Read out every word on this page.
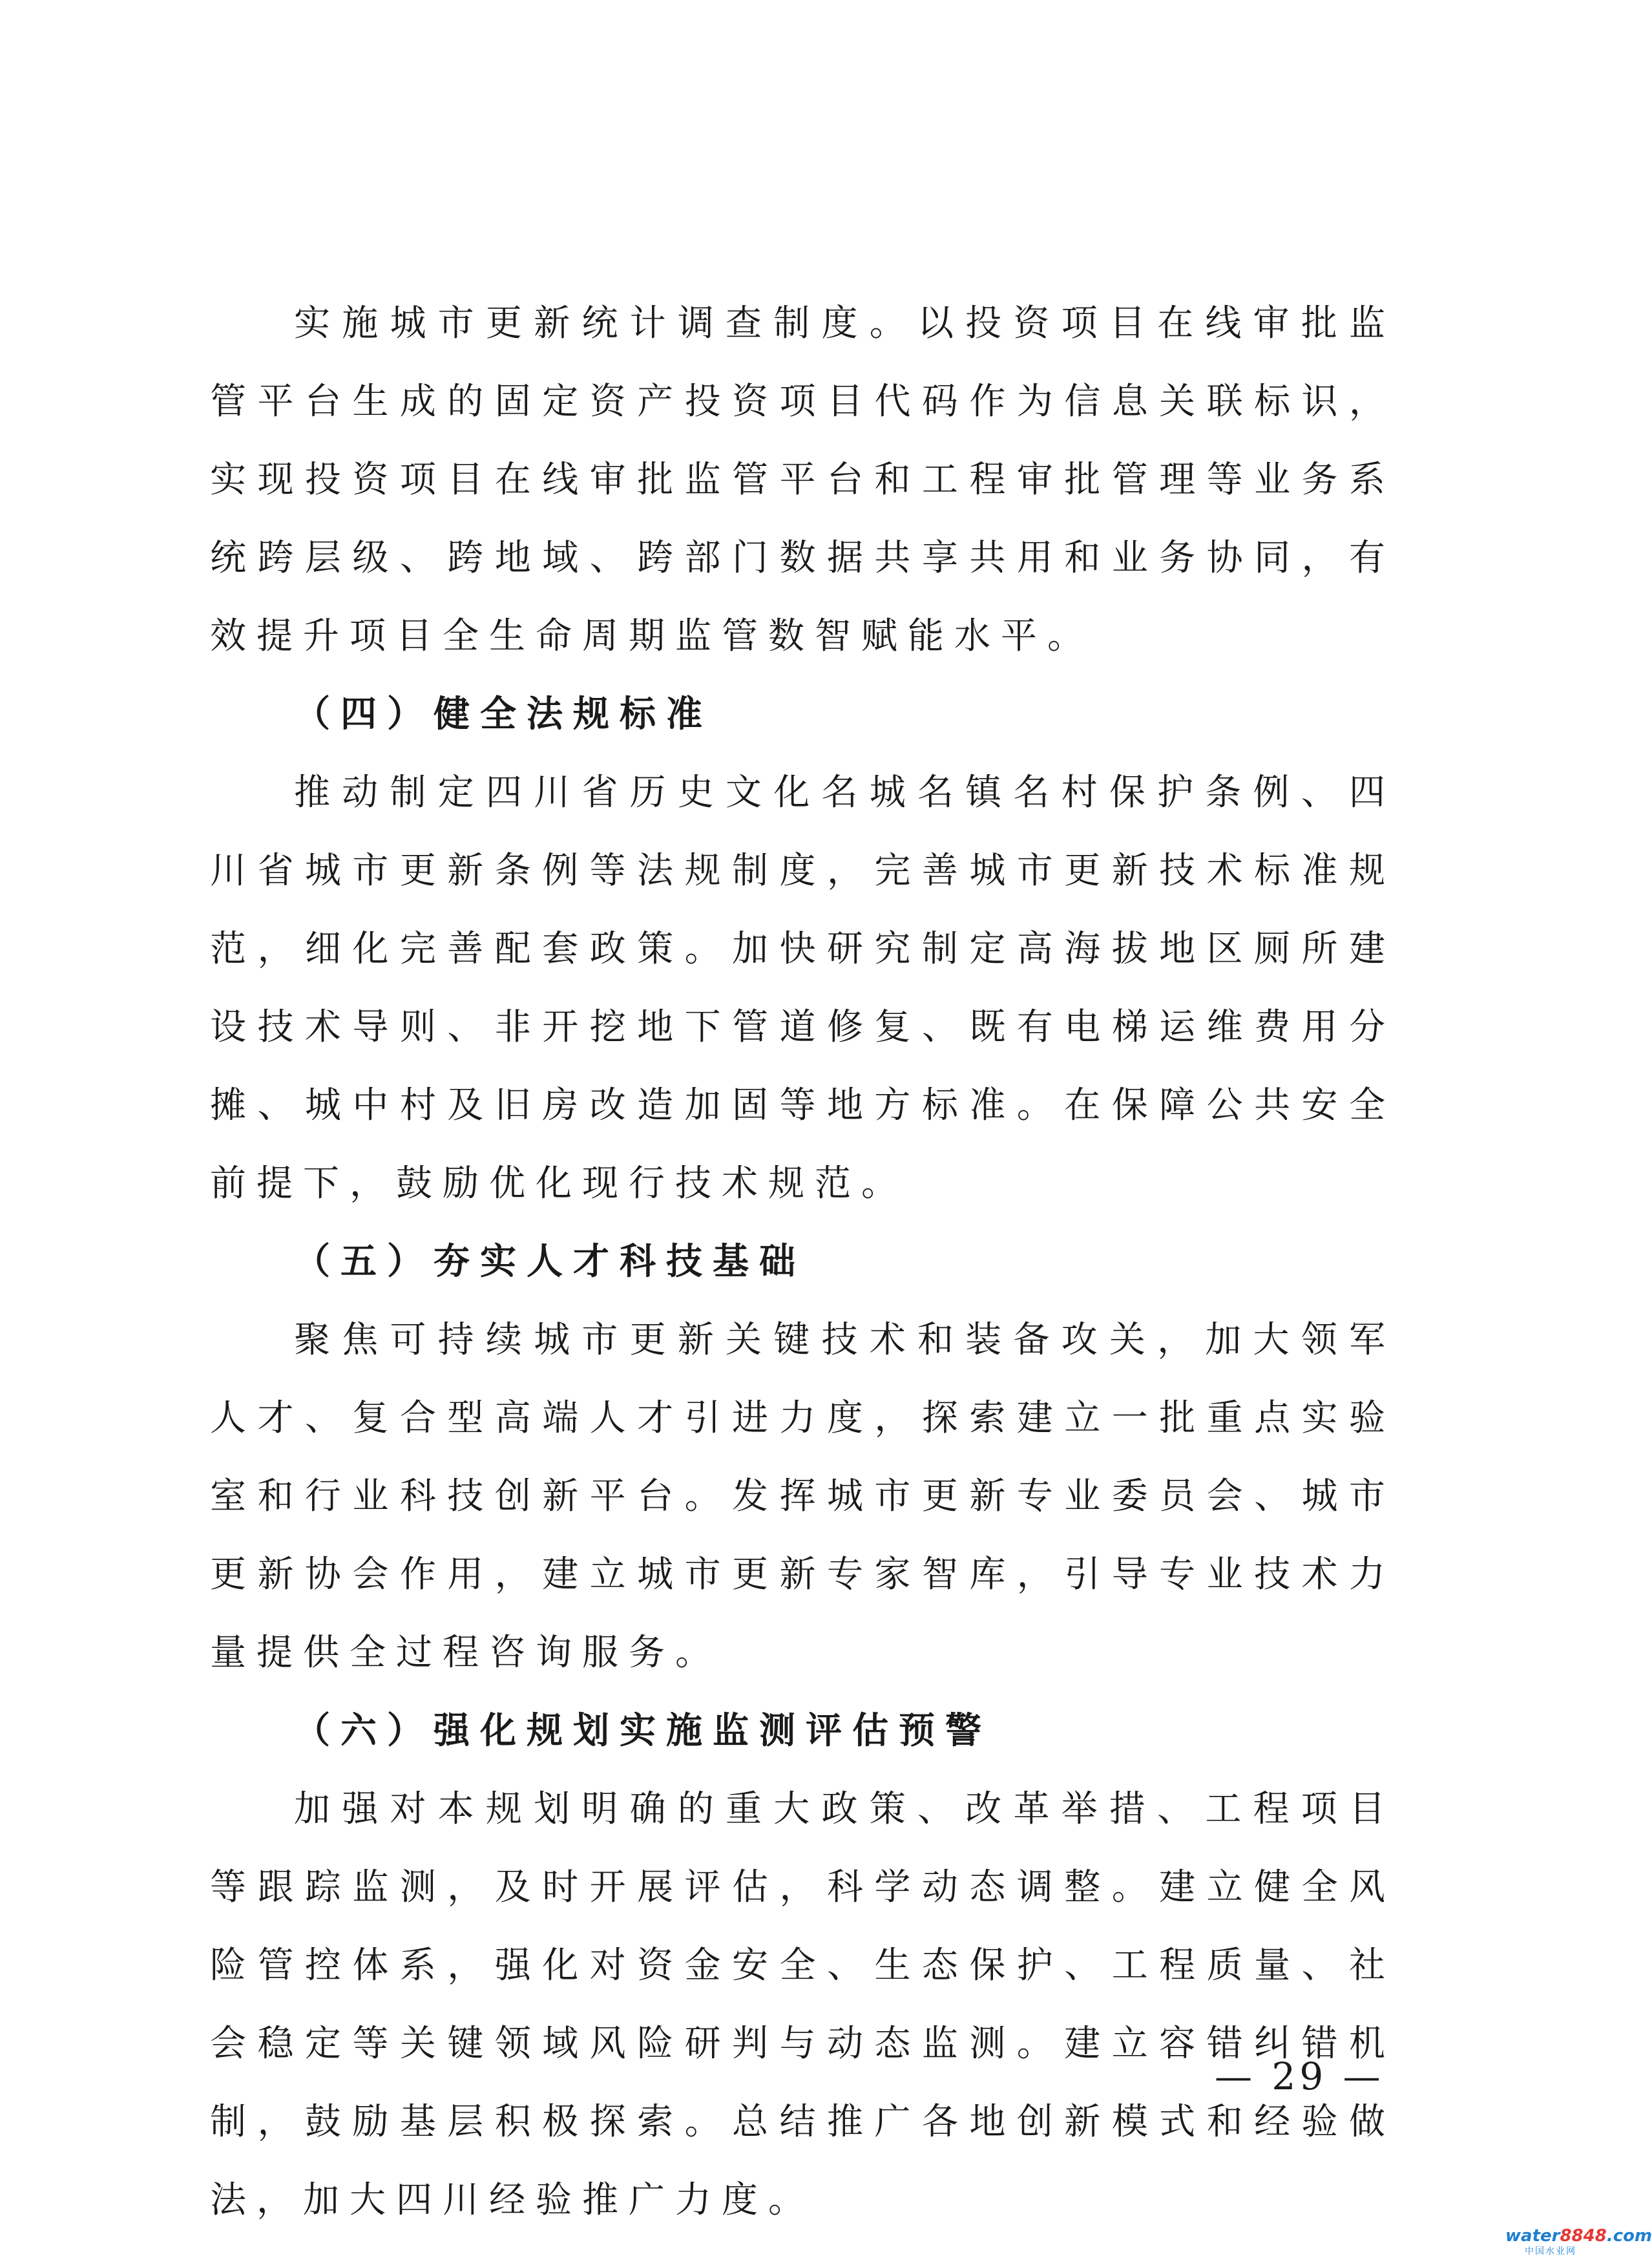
实施城市更新统计调查制度。以投资项目在线审批监管平台生成的固定资产投资项目代码作为信息关联标识，实现投资项目在线审批监管平台和工程审批管理等业务系统跨层级、跨地域、跨部门数据共享共用和业务协同，有效提升项目全生命周期监管数智赋能水平。

（四）健全法规标准

推动制定四川省历史文化名城名镇名村保护条例、四川省城市更新条例等法规制度，完善城市更新技术标准规范，细化完善配套政策。加快研究制定高海拔地区厕所建设技术导则、非开挖地下管道修复、既有电梯运维费用分摊、城中村及旧房改造加固等地方标准。在保障公共安全前提下，鼓励优化现行技术规范。

（五）夯实人才科技基础

聚焦可持续城市更新关键技术和装备攻关，加大领军人才、复合型高端人才引进力度，探索建立一批重点实验室和行业科技创新平台。发挥城市更新专业委员会、城市更新协会作用，建立城市更新专家智库，引导专业技术力量提供全过程咨询服务。

（六）强化规划实施监测评估预警

加强对本规划明确的重大政策、改革举措、工程项目等跟踪监测，及时开展评估，科学动态调整。建立健全风险管控体系，强化对资金安全、生态保护、工程质量、社会稳定等关键领域风险研判与动态监测。建立容错纠错机制，鼓励基层积极探索。总结推广各地创新模式和经验做法，加大四川经验推广力度。

— 29 —
water8848.com
中国水业网
